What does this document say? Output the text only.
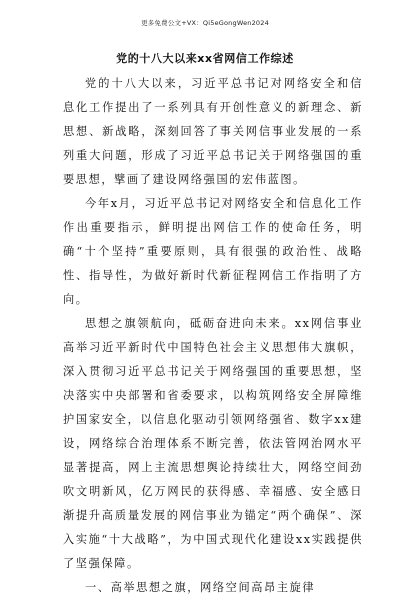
更多免费公文+VX：Qi5eGongWen2024
党的十八大以来xx省网信工作综述

党的十八大以来，习近平总书记对网络安全和信息化工作提出了一系列具有开创性意义的新理念、新思想、新战略，深刻回答了事关网信事业发展的一系列重大问题，形成了习近平总书记关于网络强国的重要思想，擘画了建设网络强国的宏伟蓝图。

今年x月，习近平总书记对网络安全和信息化工作作出重要指示，鲜明提出网信工作的使命任务，明确“十个坚持”重要原则，具有很强的政治性、战略性、指导性，为做好新时代新征程网信工作指明了方向。

思想之旗领航向，砥砺奋进向未来。xx网信事业高举习近平新时代中国特色社会主义思想伟大旗帜，深入贯彻习近平总书记关于网络强国的重要思想，坚决落实中央部署和省委要求，以构筑网络安全屏障维护国家安全，以信息化驱动引领网络强省、数字xx建设，网络综合治理体系不断完善，依法管网治网水平显著提高，网上主流思想舆论持续壮大，网络空间劲吹文明新风，亿万网民的获得感、幸福感、安全感日渐提升高质量发展的网信事业为锚定“两个确保”、深入实施“十大战略”，为中国式现代化建设xx实践提供了坚强保障。

一、高举思想之旗，网络空间高昂主旋律
